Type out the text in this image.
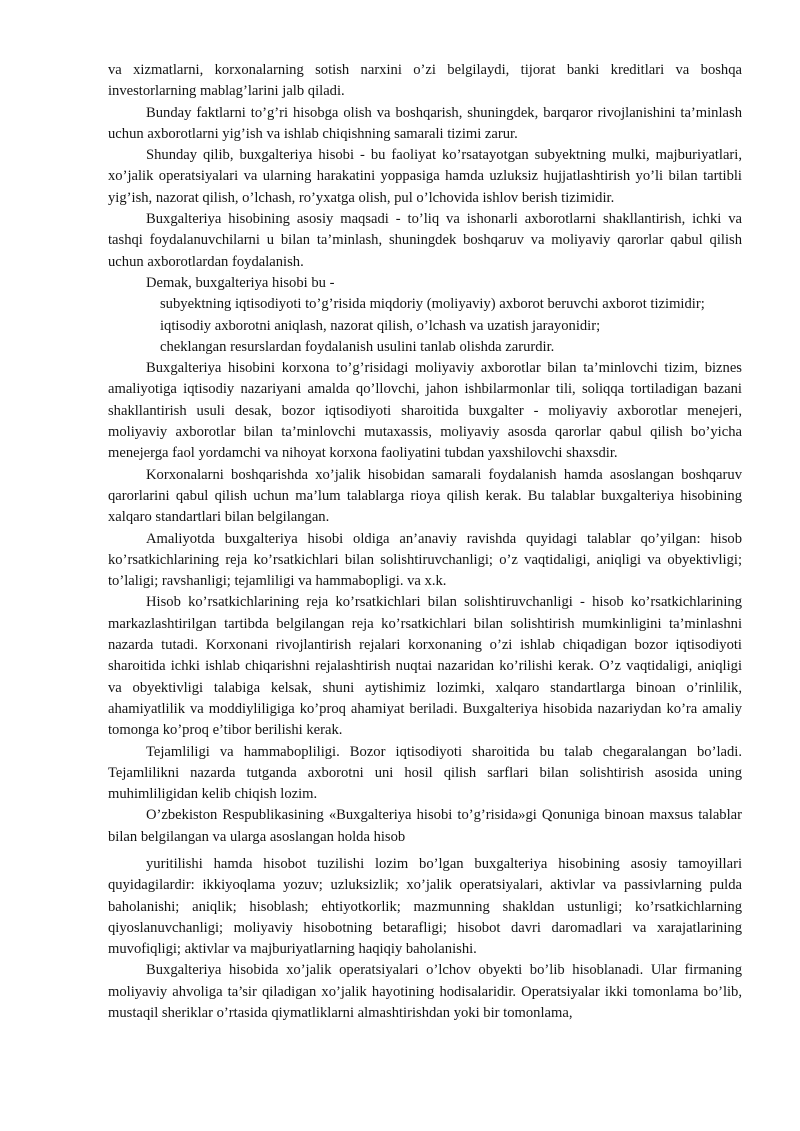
va xizmatlarni, korxonalarning sotish narxini o’zi belgilaydi, tijorat banki kreditlari va boshqa investorlarning mablag’larini jalb qiladi.

Bunday faktlarni to’g’ri hisobga olish va boshqarish, shuningdek, barqaror rivojlanishini ta’minlash uchun axborotlarni yig’ish va ishlab chiqishning samarali tizimi zarur.

Shunday qilib, buxgalteriya hisobi - bu faoliyat ko’rsatayotgan subyektning mulki, majburiyatlari, xo’jalik operatsiyalari va ularning harakatini yoppasiga hamda uzluksiz hujjatlashtirish yo’li bilan tartibli yig’ish, nazorat qilish, o’lchash, ro’yxatga olish, pul o’lchovida ishlov berish tizimidir.

Buxgalteriya hisobining asosiy maqsadi - to’liq va ishonarli axborotlarni shakllantirish, ichki va tashqi foydalanuvchilarni u bilan ta’minlash, shuningdek boshqaruv va moliyaviy qarorlar qabul qilish uchun axborotlardan foydalanish.

Demak, buxgalteriya hisobi bu -

subyektning iqtisodiyoti to’g’risida miqdoriy (moliyaviy) axborot beruvchi axborot tizimidir;

iqtisodiy axborotni aniqlash, nazorat qilish, o’lchash va uzatish jarayonidir;

cheklangan resurslardan foydalanish usulini tanlab olishda zarurdir.

Buxgalteriya hisobini korxona to’g’risidagi moliyaviy axborotlar bilan ta’minlovchi tizim, biznes amaliyotiga iqtisodiy nazariyani amalda qo’llovchi, jahon ishbilarmonlar tili, soliqqa tortiladigan bazani shakllantirish usuli desak, bozor iqtisodiyoti sharoitida buxgalter - moliyaviy axborotlar menejeri, moliyaviy axborotlar bilan ta’minlovchi mutaxassis, moliyaviy asosda qarorlar qabul qilish bo’yicha menejerga faol yordamchi va nihoyat korxona faoliyatini tubdan yaxshilovchi shaxsdir.

Korxonalarni boshqarishda xo’jalik hisobidan samarali foydalanish hamda asoslangan boshqaruv qarorlarini qabul qilish uchun ma’lum talablarga rioya qilish kerak. Bu talablar buxgalteriya hisobining xalqaro standartlari bilan belgilangan.

Amaliyotda buxgalteriya hisobi oldiga an’anaviy ravishda quyidagi talablar qo’yilgan: hisob ko’rsatkichlarining reja ko’rsatkichlari bilan solishtiruvchanligi; o’z vaqtidaligi, aniqligi va obyektivligi; to’laligi; ravshanligi; tejamliligi va hammabopligi. va x.k.

Hisob ko’rsatkichlarining reja ko’rsatkichlari bilan solishtiruvchanligi - hisob ko’rsatkichlarining markazlashtirilgan tartibda belgilangan reja ko’rsatkichlari bilan solishtirish mumkinligini ta’minlashni nazarda tutadi. Korxonani rivojlantirish rejalari korxonaning o’zi ishlab chiqadigan bozor iqtisodiyoti sharoitida ichki ishlab chiqarishni rejalashtirish nuqtai nazaridan ko’rilishi kerak. O’z vaqtidaligi, aniqligi va obyektivligi talabiga kelsak, shuni aytishimiz lozimki, xalqaro standartlarga binoan o’rinlilik, ahamiyatlilik va moddiyliligiga ko’proq ahamiyat beriladi. Buxgalteriya hisobida nazariydan ko’ra amaliy tomonga ko’proq e’tibor berilishi kerak.

Tejamliligi va hammabopliligi. Bozor iqtisodiyoti sharoitida bu talab chegaralangan bo’ladi. Tejamlilikni nazarda tutganda axborotni uni hosil qilish sarflari bilan solishtirish asosida uning muhimliligidan kelib chiqish lozim.

O’zbekiston Respublikasining «Buxgalteriya hisobi to’g’risida»gi Qonuniga binoan maxsus talablar bilan belgilangan va ularga asoslangan holda hisob

yuritilishi hamda hisobot tuzilishi lozim bo’lgan buxgalteriya hisobining asosiy tamoyillari quyidagilardir: ikkiyoqlama yozuv; uzluksizlik; xo’jalik operatsiyalari, aktivlar va passivlarning pulda baholanishi; aniqlik; hisoblash; ehtiyotkorlik; mazmunning shakldan ustunligi; ko’rsatkichlarning qiyoslanuvchanligi; moliyaviy hisobotning betarafligi; hisobot davri daromadlari va xarajatlarining muvofiqligi; aktivlar va majburiyatlarning haqiqiy baholanishi.

Buxgalteriya hisobida xo’jalik operatsiyalari o’lchov obyekti bo’lib hisoblanadi. Ular firmaning moliyaviy ahvoliga ta’sir qiladigan xo’jalik hayotining hodisalaridir. Operatsiyalar ikki tomonlama bo’lib, mustaqil sheriklar o’rtasida qiymatliklarni almashtirishdan yoki bir tomonlama,
